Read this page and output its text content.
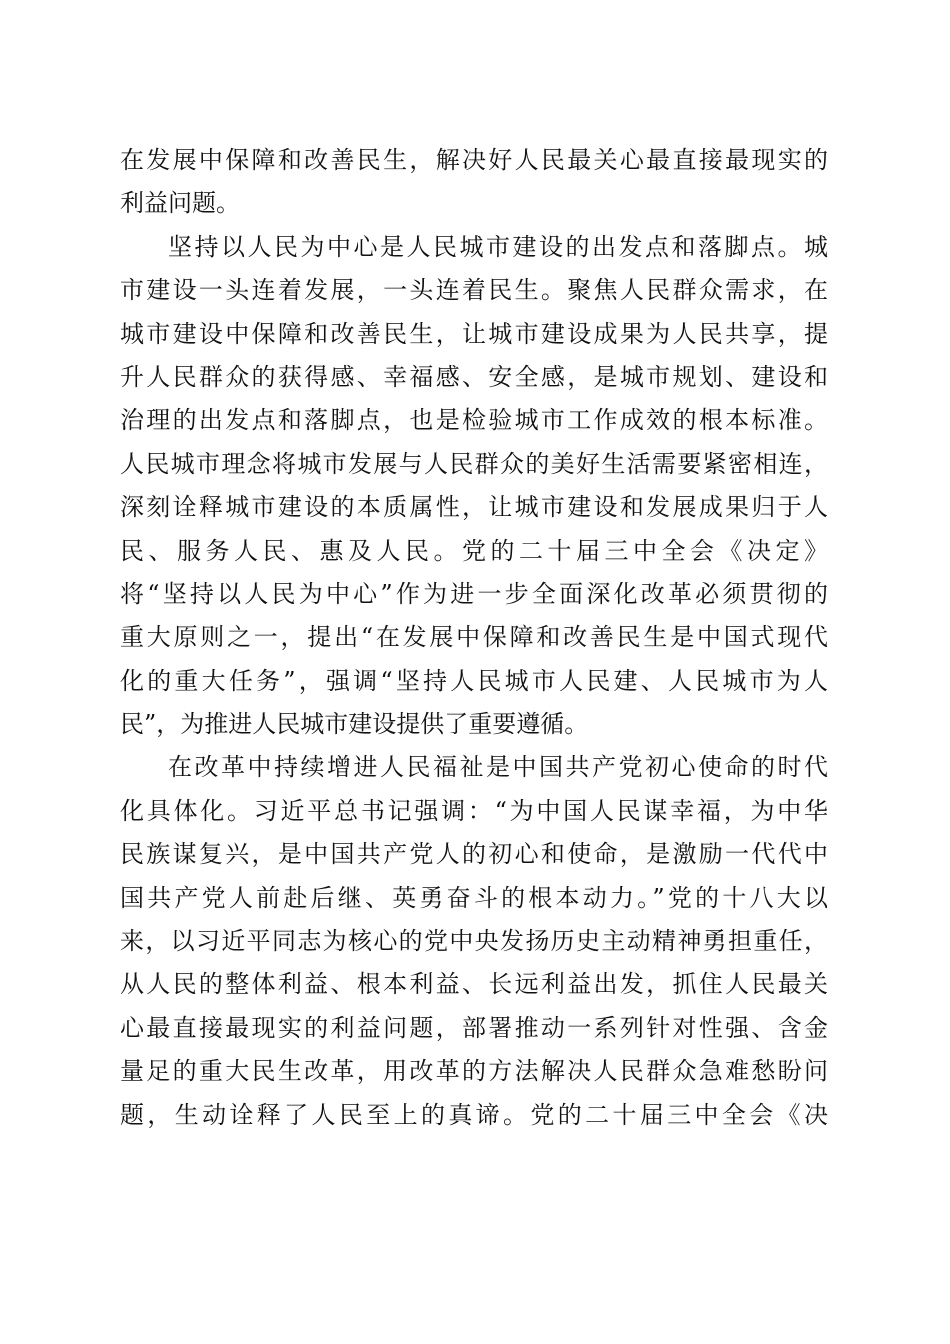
在发展中保障和改善民生，解决好人民最关心最直接最现实的
利益问题。
坚持以人民为中心是人民城市建设的出发点和落脚点。城
市建设一头连着发展，一头连着民生。聚焦人民群众需求，在
城市建设中保障和改善民生，让城市建设成果为人民共享，提
升人民群众的获得感、幸福感、安全感，是城市规划、建设和
治理的出发点和落脚点，也是检验城市工作成效的根本标准。
人民城市理念将城市发展与人民群众的美好生活需要紧密相连，
深刻诠释城市建设的本质属性，让城市建设和发展成果归于人
民、服务人民、惠及人民。党的二十届三中全会《决定》
将“坚持以人民为中心”作为进一步全面深化改革必须贯彻的
重大原则之一，提出“在发展中保障和改善民生是中国式现代
化的重大任务”，强调“坚持人民城市人民建、人民城市为人
民”，为推进人民城市建设提供了重要遵循。
在改革中持续增进人民福祉是中国共产党初心使命的时代
化具体化。习近平总书记强调：“为中国人民谋幸福，为中华
民族谋复兴，是中国共产党人的初心和使命，是激励一代代中
国共产党人前赴后继、英勇奋斗的根本动力。”党的十八大以
来，以习近平同志为核心的党中央发扬历史主动精神勇担重任，
从人民的整体利益、根本利益、长远利益出发，抓住人民最关
心最直接最现实的利益问题，部署推动一系列针对性强、含金
量足的重大民生改革，用改革的方法解决人民群众急难愁盼问
题，生动诠释了人民至上的真谛。党的二十届三中全会《决
